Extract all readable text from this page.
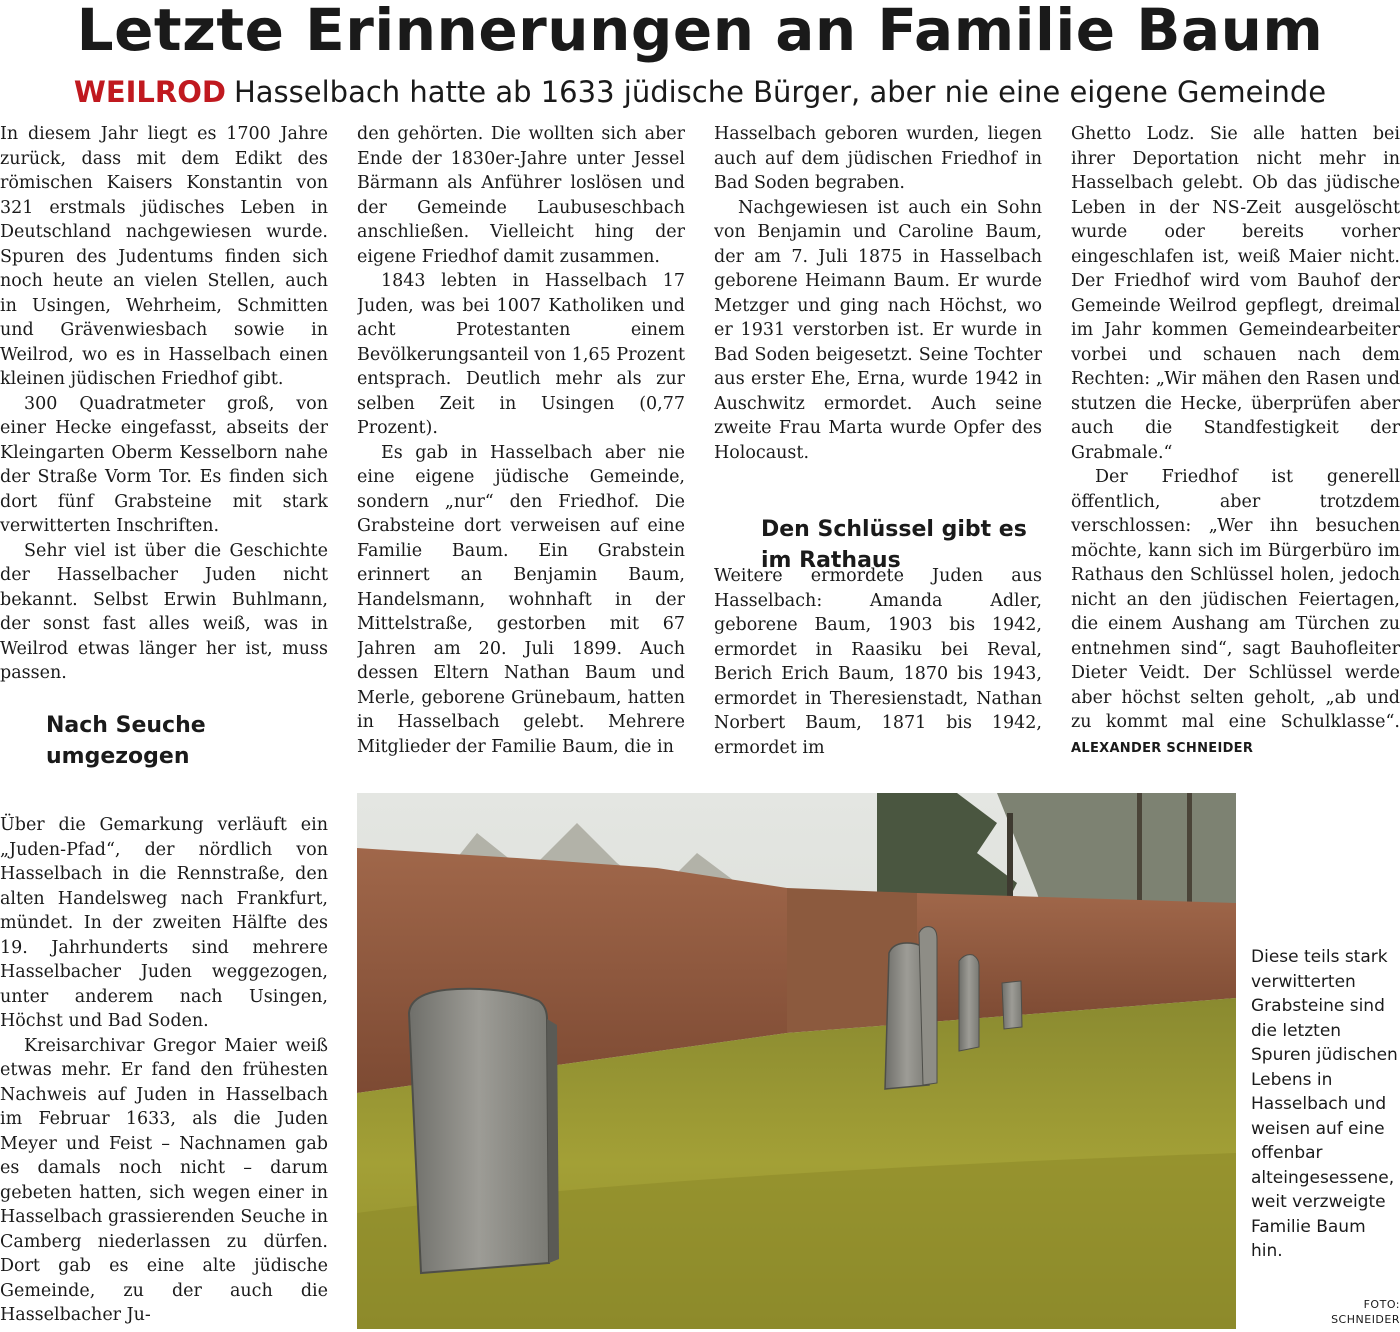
Letzte Erinnerungen an Familie Baum
WEILROD Hasselbach hatte ab 1633 jüdische Bürger, aber nie eine eigene Gemeinde

In diesem Jahr liegt es 1700 Jahre zurück, dass mit dem Edikt des römischen Kaisers Konstantin von 321 erstmals jüdisches Leben in Deutschland nachgewiesen wurde. Spuren des Judentums finden sich noch heute an vielen Stellen, auch in Usingen, Wehrheim, Schmitten und Grävenwiesbach sowie in Weilrod, wo es in Hasselbach einen kleinen jüdischen Friedhof gibt.

300 Quadratmeter groß, von einer Hecke eingefasst, abseits der Kleingarten Oberm Kesselborn nahe der Straße Vorm Tor. Es finden sich dort fünf Grabsteine mit stark verwitterten Inschriften.

Sehr viel ist über die Geschichte der Hasselbacher Juden nicht bekannt. Selbst Erwin Buhlmann, der sonst fast alles weiß, was in Weilrod etwas länger her ist, muss passen.

Nach Seuche umgezogen

Über die Gemarkung verläuft ein „Juden-Pfad“, der nördlich von Hasselbach in die Rennstraße, den alten Handelsweg nach Frankfurt, mündet. In der zweiten Hälfte des 19. Jahrhunderts sind mehrere Hasselbacher Juden weggezogen, unter anderem nach Usingen, Höchst und Bad Soden.

Kreisarchivar Gregor Maier weiß etwas mehr. Er fand den frühesten Nachweis auf Juden in Hasselbach im Februar 1633, als die Juden Meyer und Feist – Nachnamen gab es damals noch nicht – darum gebeten hatten, sich wegen einer in Hasselbach grassierenden Seuche in Camberg niederlassen zu dürfen. Dort gab es eine alte jüdische Gemeinde, zu der auch die Hasselbacher Ju-

den gehörten. Die wollten sich aber Ende der 1830er-Jahre unter Jessel Bärmann als Anführer loslösen und der Gemeinde Laubuseschbach anschließen. Vielleicht hing der eigene Friedhof damit zusammen.

1843 lebten in Hasselbach 17 Juden, was bei 1007 Katholiken und acht Protestanten einem Bevölkerungsanteil von 1,65 Prozent entsprach. Deutlich mehr als zur selben Zeit in Usingen (0,77 Prozent).

Es gab in Hasselbach aber nie eine eigene jüdische Gemeinde, sondern „nur“ den Friedhof. Die Grabsteine dort verweisen auf eine Familie Baum. Ein Grabstein erinnert an Benjamin Baum, Handelsmann, wohnhaft in der Mittelstraße, gestorben mit 67 Jahren am 20. Juli 1899. Auch dessen Eltern Nathan Baum und Merle, geborene Grünebaum, hatten in Hasselbach gelebt. Mehrere Mitglieder der Familie Baum, die in

Hasselbach geboren wurden, liegen auch auf dem jüdischen Friedhof in Bad Soden begraben.

Nachgewiesen ist auch ein Sohn von Benjamin und Caroline Baum, der am 7. Juli 1875 in Hasselbach geborene Heimann Baum. Er wurde Metzger und ging nach Höchst, wo er 1931 verstorben ist. Er wurde in Bad Soden beigesetzt. Seine Tochter aus erster Ehe, Erna, wurde 1942 in Auschwitz ermordet. Auch seine zweite Frau Marta wurde Opfer des Holocaust.

Den Schlüssel gibt es im Rathaus

Weitere ermordete Juden aus Hasselbach: Amanda Adler, geborene Baum, 1903 bis 1942, ermordet in Raasiku bei Reval, Berich Erich Baum, 1870 bis 1943, ermordet in Theresienstadt, Nathan Norbert Baum, 1871 bis 1942, ermordet im

Ghetto Lodz. Sie alle hatten bei ihrer Deportation nicht mehr in Hasselbach gelebt. Ob das jüdische Leben in der NS-Zeit ausgelöscht wurde oder bereits vorher eingeschlafen ist, weiß Maier nicht. Der Friedhof wird vom Bauhof der Gemeinde Weilrod gepflegt, dreimal im Jahr kommen Gemeindearbeiter vorbei und schauen nach dem Rechten: „Wir mähen den Rasen und stutzen die Hecke, überprüfen aber auch die Standfestigkeit der Grabmale.“

Der Friedhof ist generell öffentlich, aber trotzdem verschlossen: „Wer ihn besuchen möchte, kann sich im Bürgerbüro im Rathaus den Schlüssel holen, jedoch nicht an den jüdischen Feiertagen, die einem Aushang am Türchen zu entnehmen sind“, sagt Bauhofleiter Dieter Veidt. Der Schlüssel werde aber höchst selten geholt, „ab und zu kommt mal eine Schulklasse“. ALEXANDER SCHNEIDER

Diese teils stark verwitterten Grabsteine sind die letzten Spuren jüdischen Lebens in Hasselbach und weisen auf eine offenbar alteingesessene, weit verzweigte Familie Baum hin.
FOTO: SCHNEIDER
